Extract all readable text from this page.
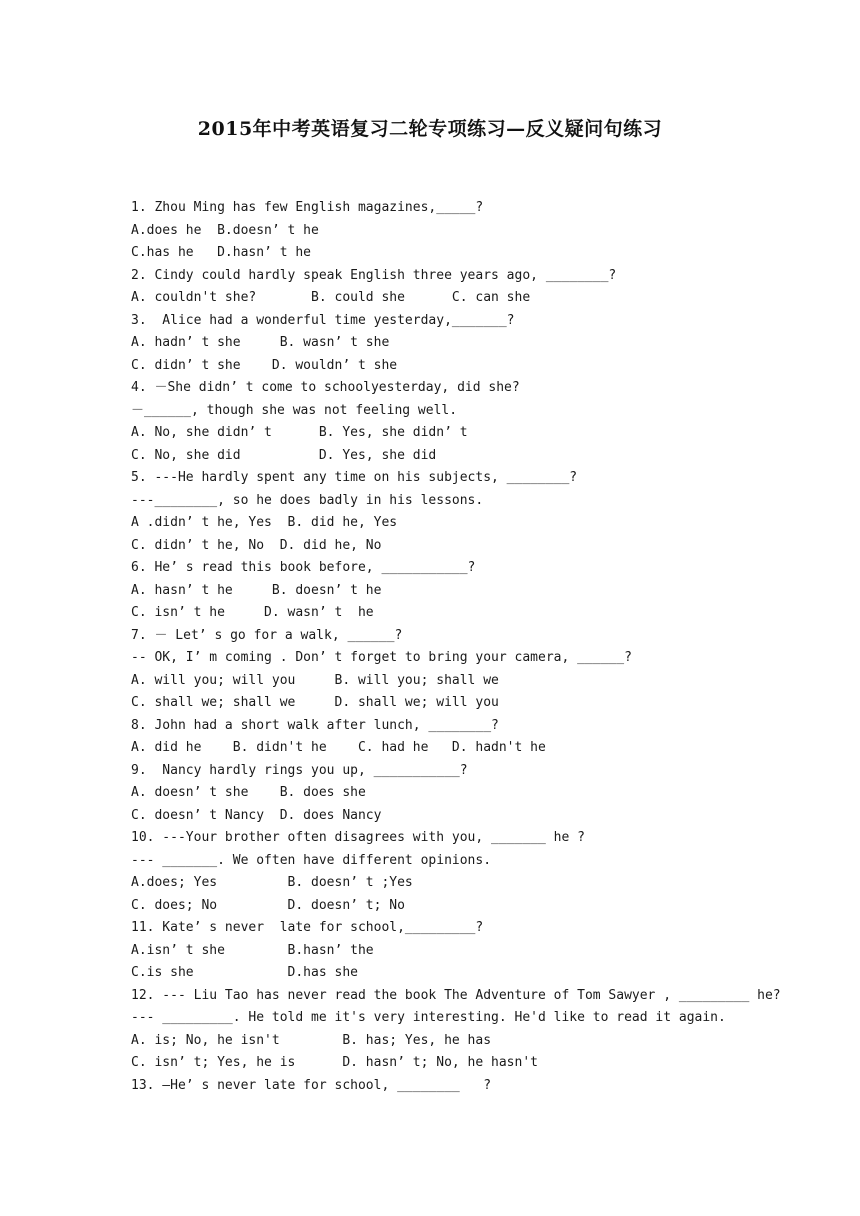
2015年中考英语复习二轮专项练习—反义疑问句练习
1. Zhou Ming has few English magazines,_____?
A.does he  B.doesn’ t he
C.has he   D.hasn’ t he
2. Cindy could hardly speak English three years ago, ________?
A. couldn't she?       B. could she      C. can she
3.  Alice had a wonderful time yesterday,_______?
A. hadn’ t she     B. wasn’ t she
C. didn’ t she    D. wouldn’ t she
4. －She didn’ t come to schoolyesterday, did she?
－______, though she was not feeling well.
A. No, she didn’ t      B. Yes, she didn’ t
C. No, she did          D. Yes, she did
5. ---He hardly spent any time on his subjects, ________?
---________, so he does badly in his lessons.
A .didn’ t he, Yes  B. did he, Yes
C. didn’ t he, No  D. did he, No
6. He’ s read this book before, ___________?
A. hasn’ t he     B. doesn’ t he
C. isn’ t he     D. wasn’ t  he
7. － Let’ s go for a walk, ______?
-- OK, I’ m coming . Don’ t forget to bring your camera, ______?
A. will you; will you     B. will you; shall we
C. shall we; shall we     D. shall we; will you
8. John had a short walk after lunch, ________?
A. did he    B. didn't he    C. had he   D. hadn't he
9.  Nancy hardly rings you up, ___________?
A. doesn’ t she    B. does she
C. doesn’ t Nancy  D. does Nancy
10. ---Your brother often disagrees with you, _______ he ?
--- _______. We often have different opinions.
A.does; Yes         B. doesn’ t ;Yes
C. does; No         D. doesn’ t; No
11. Kate’ s never  late for school,_________?
A.isn’ t she        B.hasn’ the
C.is she            D.has she
12. --- Liu Tao has never read the book The Adventure of Tom Sawyer , _________ he?
--- _________. He told me it's very interesting. He'd like to read it again.
A. is; No, he isn't        B. has; Yes, he has
C. isn’ t; Yes, he is      D. hasn’ t; No, he hasn't
13. —He’ s never late for school, ________   ?
